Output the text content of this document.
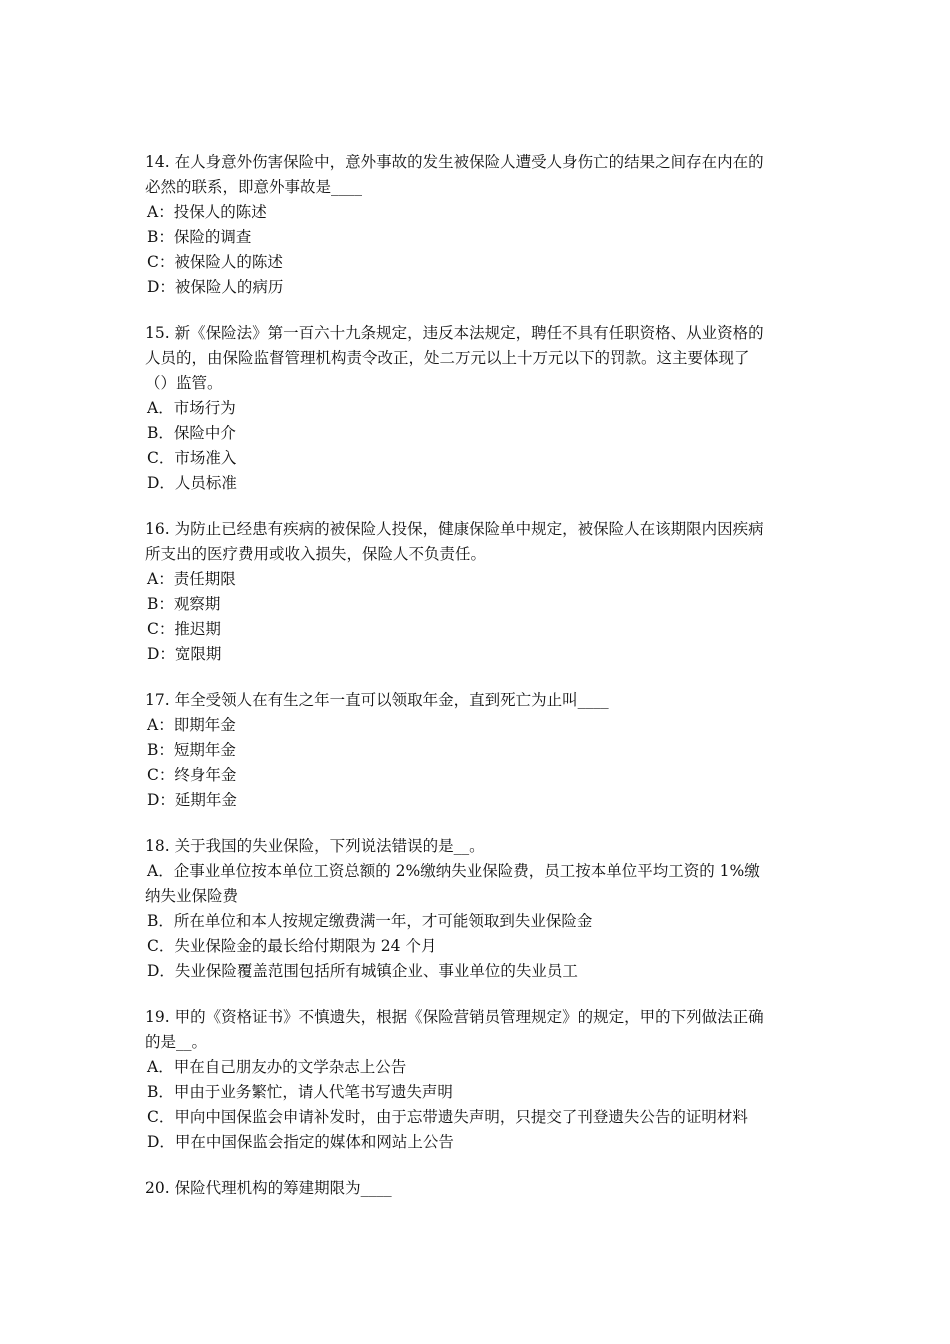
14. 在人身意外伤害保险中，意外事故的发生被保险人遭受人身伤亡的结果之间存在内在的
必然的联系，即意外事故是____
A：投保人的陈述
B：保险的调查
C：被保险人的陈述
D：被保险人的病历
15. 新《保险法》第一百六十九条规定，违反本法规定，聘任不具有任职资格、从业资格的
人员的，由保险监督管理机构责令改正，处二万元以上十万元以下的罚款。这主要体现了
（）监管。
A．市场行为
B．保险中介
C．市场准入
D．人员标准
16. 为防止已经患有疾病的被保险人投保，健康保险单中规定，被保险人在该期限内因疾病
所支出的医疗费用或收入损失，保险人不负责任。
A：责任期限
B：观察期
C：推迟期
D：宽限期
17. 年全受领人在有生之年一直可以领取年金，直到死亡为止叫____
A：即期年金
B：短期年金
C：终身年金
D：延期年金
18. 关于我国的失业保险，下列说法错误的是__。
A．企事业单位按本单位工资总额的 2%缴纳失业保险费，员工按本单位平均工资的 1%缴
纳失业保险费
B．所在单位和本人按规定缴费满一年，才可能领取到失业保险金
C．失业保险金的最长给付期限为 24 个月
D．失业保险覆盖范围包括所有城镇企业、事业单位的失业员工
19. 甲的《资格证书》不慎遗失，根据《保险营销员管理规定》的规定，甲的下列做法正确
的是__。
A．甲在自己朋友办的文学杂志上公告
B．甲由于业务繁忙，请人代笔书写遗失声明
C．甲向中国保监会申请补发时，由于忘带遗失声明，只提交了刊登遗失公告的证明材料
D．甲在中国保监会指定的媒体和网站上公告
20. 保险代理机构的筹建期限为____
